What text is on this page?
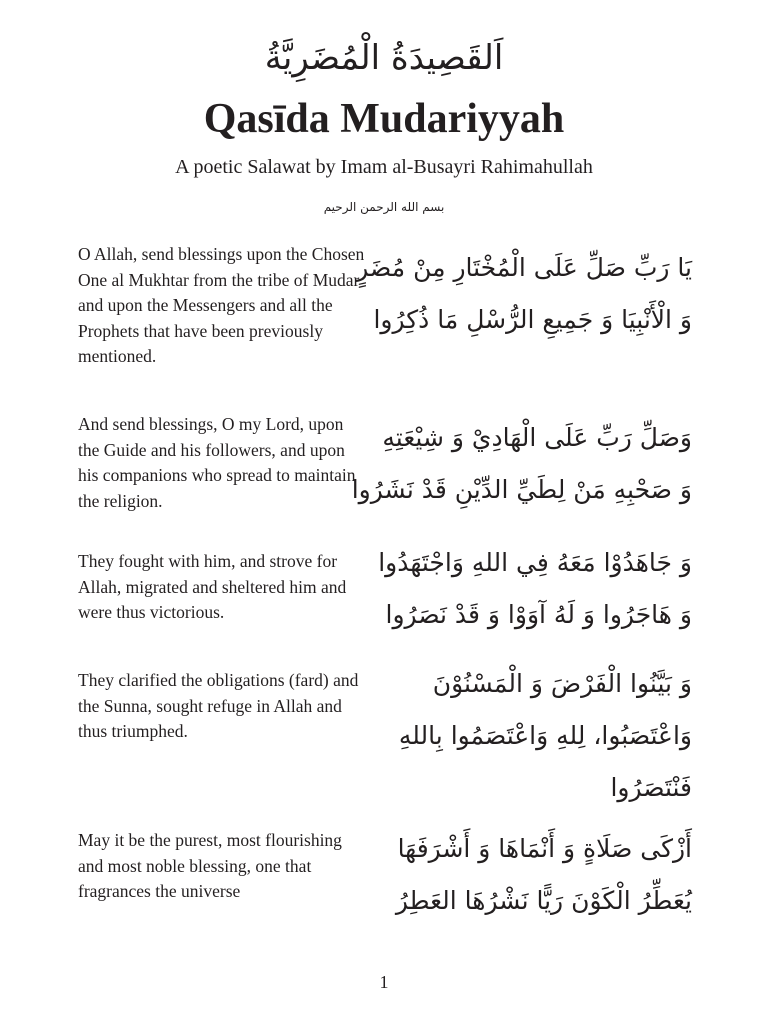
اَلقَصِيدَةُ الْمُضَرِيَّةُ
Qasīda Mudariyyah
A poetic Salawat by Imam al-Busayri Rahimahullah
بسم الله الرحمن الرحيم
O Allah, send blessings upon the Chosen One al Mukhtar from the tribe of Mudar and upon the Messengers and all the Prophets that have been previously mentioned.
يَا رَبِّ صَلِّ عَلَى الْمُخْتَارِ مِنْ مُضَرٍ
وَ الْأَنْبِيَا وَ جَمِيعِ الرُّسْلِ مَا ذُكِرُوا
And send blessings, O my Lord, upon the Guide and his followers, and upon his companions who spread to maintain the religion.
وَصَلِّ رَبِّ عَلَى الْهَادِيْ وَ شِيْعَتِهِ
وَ صَحْبِهِ مَنْ لِطَيِّ الدِّيْنِ قَدْ نَشَرُوا
They fought with him, and strove for Allah, migrated and sheltered him and were thus victorious.
وَ جَاهَدُوْا مَعَهُ فِي اللهِ وَاجْتَهَدُوا
وَ هَاجَرُوا وَ لَهُ آوَوْا وَ قَدْ نَصَرُوا
They clarified the obligations (fard) and the Sunna, sought refuge in Allah and thus triumphed.
وَ بَيَّنُوا الْفَرْضَ وَ الْمَسْنُوْنَ
وَاعْتَصَبُوا، لِلهِ وَاعْتَصَمُوا بِاللهِ
فَنْتَصَرُوا
May it be the purest, most flourishing and most noble blessing, one that fragrances the universe
أَزْكَى صَلَاةٍ وَ أَنْمَاهَا وَ أَشْرَفَهَا
يُعَطِّرُ الْكَوْنَ رَيًّا نَشْرُهَا العَطِرُ
1
